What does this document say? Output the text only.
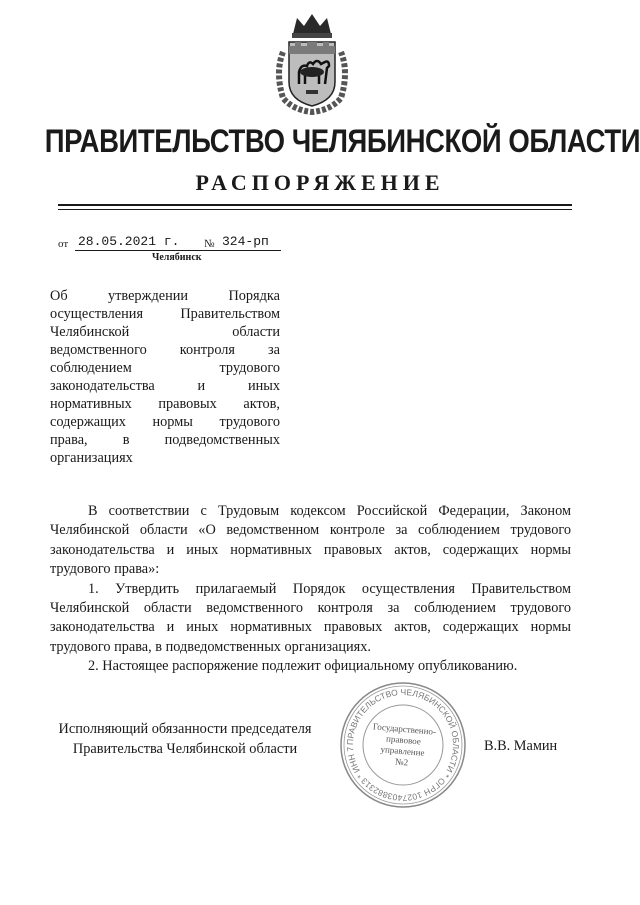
ПРАВИТЕЛЬСТВО ЧЕЛЯБИНСКОЙ ОБЛАСТИ
РАСПОРЯЖЕНИЕ
от 28.05.2021 г. № 324-рп
Челябинск
Об	утверждении	Порядка
осуществления	Правительством
Челябинской	области
ведомственного контроля за
соблюдением	трудового
законодательства	и	иных
нормативных правовых актов,
содержащих нормы трудового
права, в подведомственных
организациях

В соответствии с Трудовым кодексом Российской Федерации, Законом Челябинской области «О ведомственном контроле за соблюдением трудового законодательства и иных нормативных правовых актов, содержащих нормы трудового права»:

1. Утвердить прилагаемый Порядок осуществления Правительством Челябинской области ведомственного контроля за соблюдением трудового законодательства и иных нормативных правовых актов, содержащих нормы трудового права, в подведомственных организациях.

2. Настоящее распоряжение подлежит официальному опубликованию.

Исполняющий обязанности председателя
Правительства Челябинской области	ПРАВИТЕЛЬСТВО ЧЕЛЯБИНСКОЙ ОБЛАСТИ * ОГРН 1027403882313 * ИНН 7
Государственно-
правовое
управление
№2
В.В. Мамин
